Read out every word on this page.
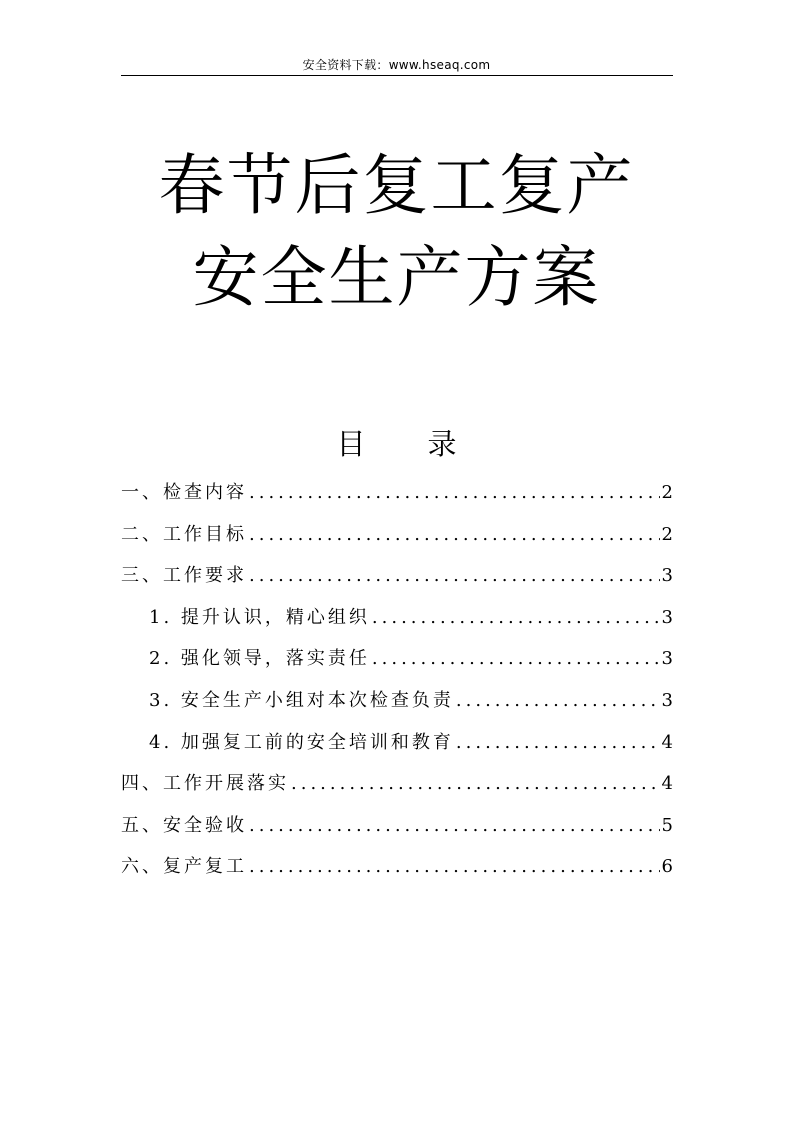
安全资料下载：www.hseaq.com
春节后复工复产
安全生产方案
目 录
一、检查内容 .....	2
二、工作目标 .....	2
三、工作要求 .....	3
1. 提升认识，精心组织 .....	3
2. 强化领导，落实责任 .....	3
3. 安全生产小组对本次检查负责 .....	3
4. 加强复工前的安全培训和教育 .....	4
四、工作开展落实 .....	4
五、安全验收 .....	5
六、复产复工 .....	6
